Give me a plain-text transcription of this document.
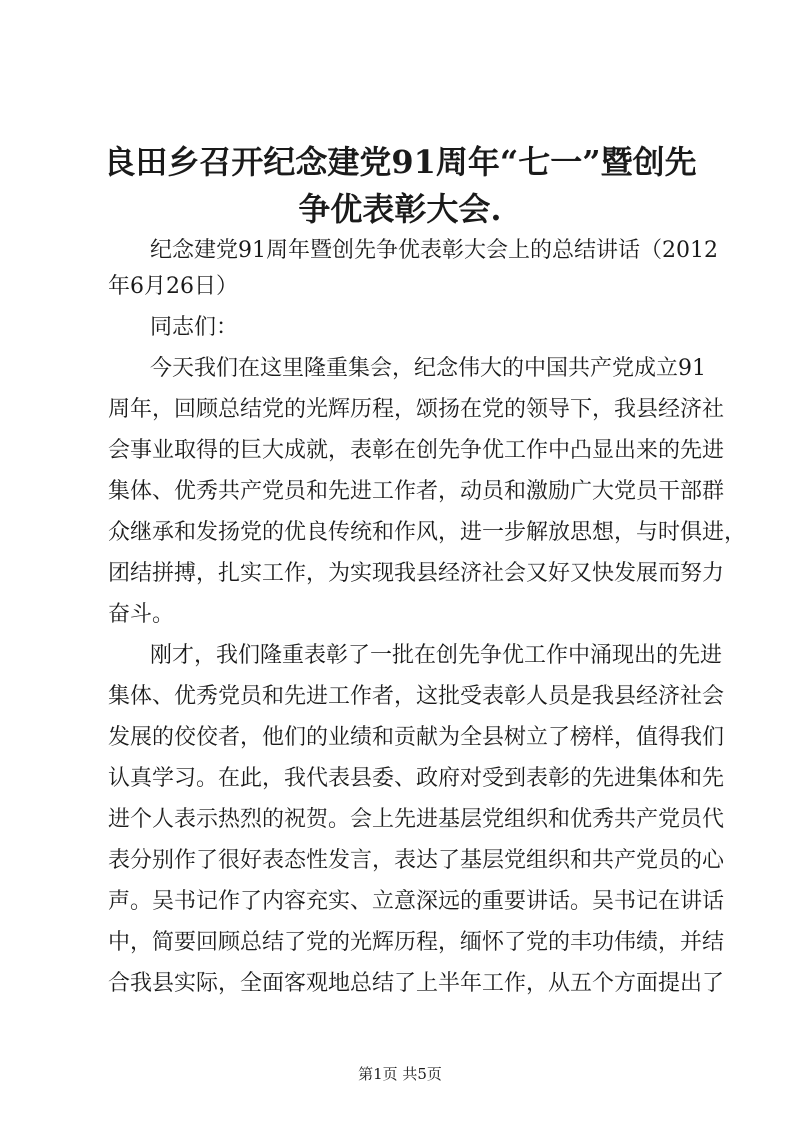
良田乡召开纪念建党91周年“七一”暨创先
争优表彰大会.
纪念建党91周年暨创先争优表彰大会上的总结讲话（2012
年6月26日）
同志们：
今天我们在这里隆重集会，纪念伟大的中国共产党成立91
周年，回顾总结党的光辉历程，颂扬在党的领导下，我县经济社
会事业取得的巨大成就，表彰在创先争优工作中凸显出来的先进
集体、优秀共产党员和先进工作者，动员和激励广大党员干部群
众继承和发扬党的优良传统和作风，进一步解放思想，与时俱进，
团结拼搏，扎实工作，为实现我县经济社会又好又快发展而努力
奋斗。
刚才，我们隆重表彰了一批在创先争优工作中涌现出的先进
集体、优秀党员和先进工作者，这批受表彰人员是我县经济社会
发展的佼佼者，他们的业绩和贡献为全县树立了榜样，值得我们
认真学习。在此，我代表县委、政府对受到表彰的先进集体和先
进个人表示热烈的祝贺。会上先进基层党组织和优秀共产党员代
表分别作了很好表态性发言，表达了基层党组织和共产党员的心
声。吴书记作了内容充实、立意深远的重要讲话。吴书记在讲话
中，简要回顾总结了党的光辉历程，缅怀了党的丰功伟绩，并结
合我县实际，全面客观地总结了上半年工作，从五个方面提出了
第1页 共5页
